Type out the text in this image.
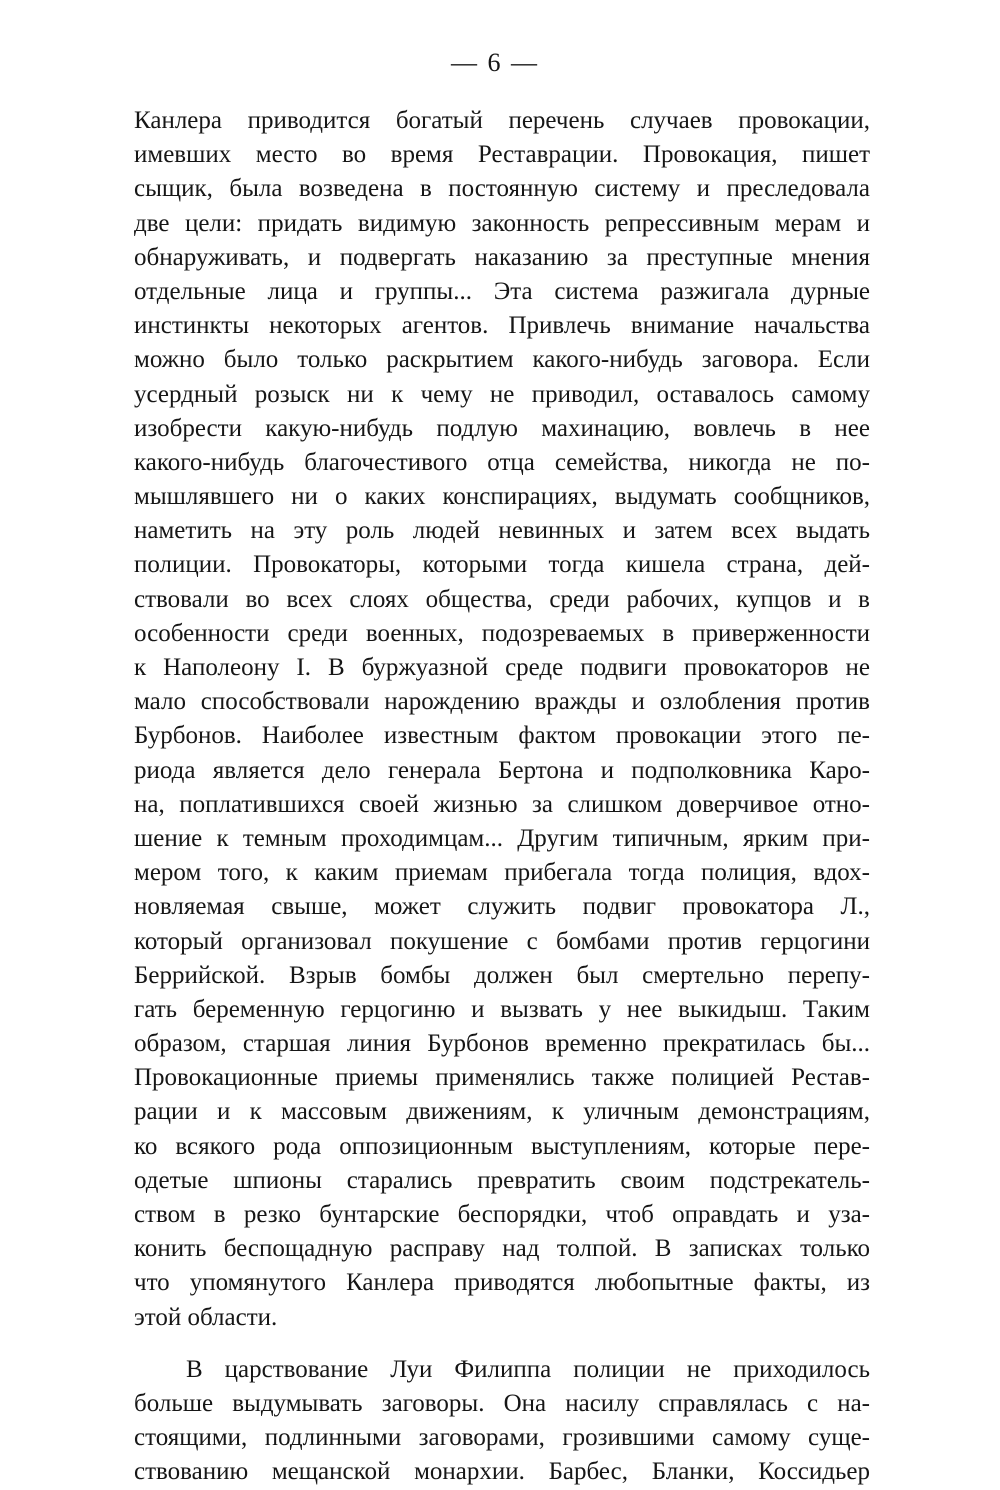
— 6 —
Канлера приводится богатый перечень случаев провокации,
имевших место во время Реставрации. Провокация, пишет
сыщик, была возведена в постоянную систему и преследовала
две цели: придать видимую законность репрессивным мерам и
обнаруживать, и подвергать наказанию за преступные мнения
отдельные лица и группы... Эта система разжигала дурные
инстинкты некоторых агентов. Привлечь внимание начальства
можно было только раскрытием какого-нибудь заговора. Если
усердный розыск ни к чему не приводил, оставалось самому
изобрести какую-нибудь подлую махинацию, вовлечь в нее
какого-нибудь благочестивого отца семейства, никогда не по-
мышлявшего ни о каких конспирациях, выдумать сообщников,
наметить на эту роль людей невинных и затем всех выдать
полиции. Провокаторы, которыми тогда кишела страна, дей-
ствовали во всех слоях общества, среди рабочих, купцов и в
особенности среди военных, подозреваемых в приверженности
к Наполеону I. В буржуазной среде подвиги провокаторов не
мало способствовали нарождению вражды и озлобления против
Бурбонов. Наиболее известным фактом провокации этого пе-
риода является дело генерала Бертона и подполковника Каро-
на, поплатившихся своей жизнью за слишком доверчивое отно-
шение к темным проходимцам... Другим типичным, ярким при-
мером того, к каким приемам прибегала тогда полиция, вдох-
новляемая свыше, может служить подвиг провокатора Л.,
который организовал покушение с бомбами против герцогини
Беррийской. Взрыв бомбы должен был смертельно перепу-
гать беременную герцогиню и вызвать у нее выкидыш. Таким
образом, старшая линия Бурбонов временно прекратилась бы...
Провокационные приемы применялись также полицией Рестав-
рации и к массовым движениям, к уличным демонстрациям,
ко всякого рода оппозиционным выступлениям, которые пере-
одетые шпионы старались превратить своим подстрекатель-
ством в резко бунтарские беспорядки, чтоб оправдать и уза-
конить беспощадную расправу над толпой. В записках только
что упомянутого Канлера приводятся любопытные факты, из
этой области.
В царствование Луи Филиппа полиции не приходилось
больше выдумывать заговоры. Она насилу справлялась с на-
стоящими, подлинными заговорами, грозившими самому суще-
ствованию мещанской монархии. Барбес, Бланки, Коссидьер
